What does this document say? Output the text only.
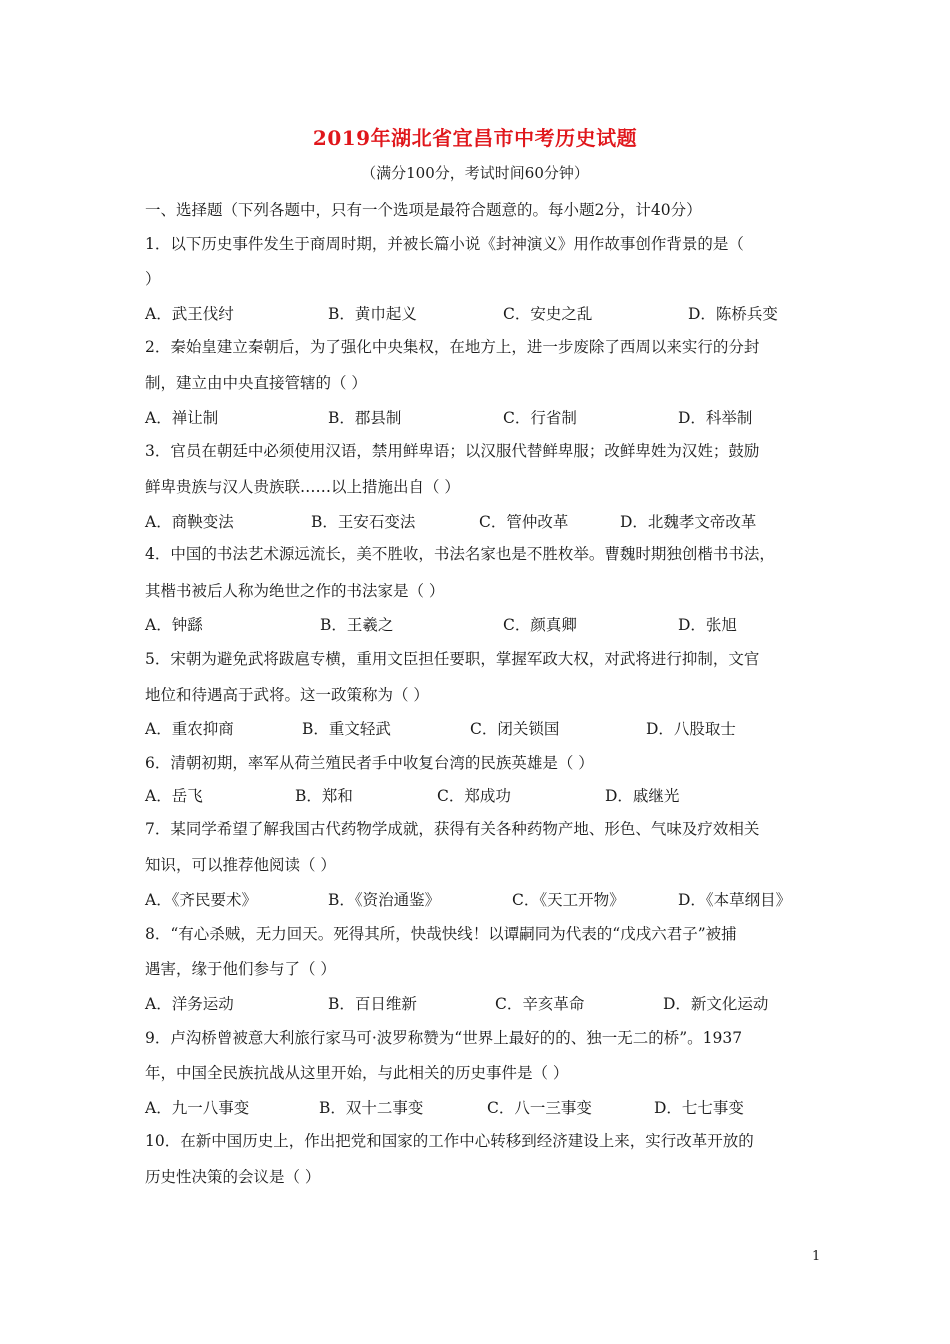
2019年湖北省宜昌市中考历史试题
（满分100分，考试时间60分钟）
一、选择题（下列各题中，只有一个选项是最符合题意的。每小题2分，计40分）
1．以下历史事件发生于商周时期，并被长篇小说《封神演义》用作故事创作背景的是（
）
A．武王伐纣	B．黄巾起义	C．安史之乱	D．陈桥兵变
2．秦始皇建立秦朝后，为了强化中央集权，在地方上，进一步废除了西周以来实行的分封
制，建立由中央直接管辖的（ ）
A．禅让制	B．郡县制	C．行省制	D．科举制
3．官员在朝廷中必须使用汉语，禁用鲜卑语；以汉服代替鲜卑服；改鲜卑姓为汉姓；鼓励
鲜卑贵族与汉人贵族联……以上措施出自（ ）
A．商鞅变法	B．王安石变法	C．管仲改革	D．北魏孝文帝改革
4．中国的书法艺术源远流长，美不胜收，书法名家也是不胜枚举。曹魏时期独创楷书书法，
其楷书被后人称为绝世之作的书法家是（ ）
A．钟繇	B．王羲之	C．颜真卿	D．张旭
5．宋朝为避免武将跋扈专横，重用文臣担任要职，掌握军政大权，对武将进行抑制，文官
地位和待遇高于武将。这一政策称为（ ）
A．重农抑商	B．重文轻武	C．闭关锁国	D．八股取士
6．清朝初期，率军从荷兰殖民者手中收复台湾的民族英雄是（ ）
A．岳飞	B．郑和	C．郑成功	D．戚继光
7．某同学希望了解我国古代药物学成就，获得有关各种药物产地、形色、气味及疗效相关
知识，可以推荐他阅读（ ）
A．《齐民要术》	B．《资治通鉴》	C．《天工开物》	D．《本草纲目》
8．“有心杀贼，无力回天。死得其所，快哉快线！以谭嗣同为代表的“戊戌六君子”被捕
遇害，缘于他们参与了（ ）
A．洋务运动	B．百日维新	C．辛亥革命	D．新文化运动
9．卢沟桥曾被意大利旅行家马可·波罗称赞为“世界上最好的的、独一无二的桥”。1937
年，中国全民族抗战从这里开始，与此相关的历史事件是（ ）
A．九一八事变	B．双十二事变	C．八一三事变	D．七七事变
10．在新中国历史上，作出把党和国家的工作中心转移到经济建设上来，实行改革开放的
历史性决策的会议是（ ）
1
